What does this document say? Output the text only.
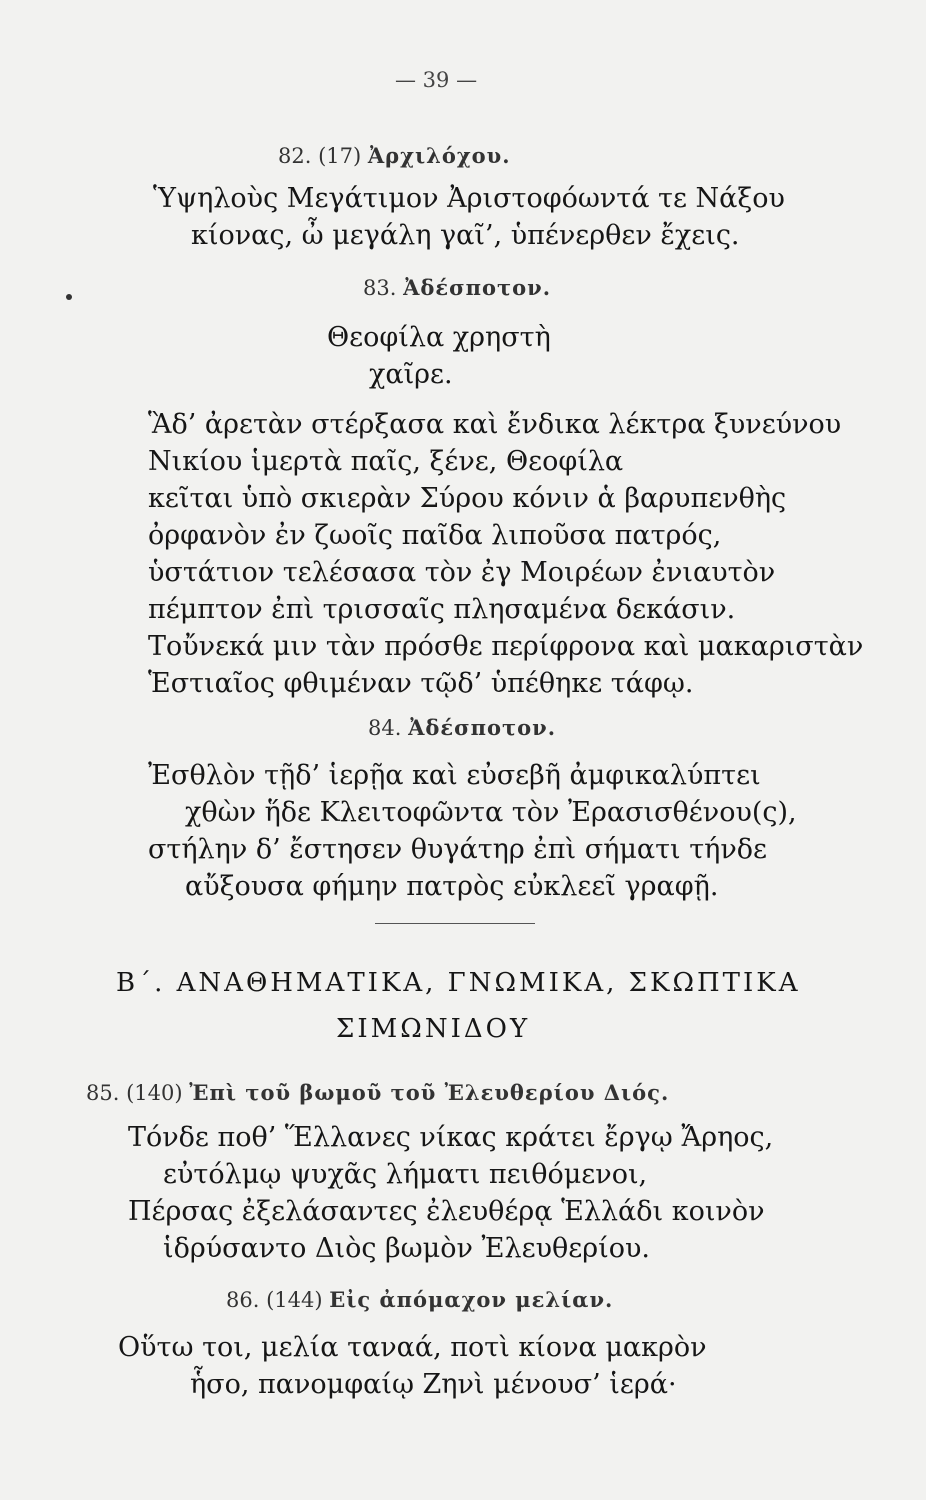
— 39 —
82. (17) Ἀρχιλόχου.
Ὑψηλοὺς Μεγάτιμον Ἀριστοφόωντά τε Νάξου
κίονας, ὦ μεγάλη γαῖ’, ὑπένερθεν ἔχεις.
83. Ἀδέσποτον.
Θεοφίλα χρηστὴ
χαῖρε.
Ἃδ’ ἀρετὰν στέρξασα καὶ ἔνδικα λέκτρα ξυνεύνου
Νικίου ἱμερτὰ παῖς, ξένε, Θεοφίλα
κεῖται ὑπὸ σκιερὰν Σύρου κόνιν ἁ βαρυπενθὴς
ὀρφανὸν ἐν ζωοῖς παῖδα λιποῦσα πατρός,
ὑστάτιον τελέσασα τὸν ἐγ Μοιρέων ἐνιαυτὸν
πέμπτον ἐπὶ τρισσαῖς πλησαμένα δεκάσιν.
Τοὔνεκά μιν τὰν πρόσθε περίφρονα καὶ μακαριστὰν
Ἑστιαῖος φθιμέναν τῷδ’ ὑπέθηκε τάφῳ.
84. Ἀδέσποτον.
Ἐσθλὸν τῇδ’ ἱερῇα καὶ εὐσεβῆ ἀμφικαλύπτει
χθὼν ἥδε Κλειτοφῶντα τὸν Ἐρασισθένου(ς),
στήλην δ’ ἔστησεν θυγάτηρ ἐπὶ σήματι τήνδε
αὔξουσα φήμην πατρὸς εὐκλεεῖ γραφῇ.
Β΄. ΑΝΑΘΗΜΑΤΙΚΑ, ΓΝΩΜΙΚΑ, ΣΚΩΠΤΙΚΑ
ΣΙΜΩΝΙΔΟΥ
85. (140) Ἐπὶ τοῦ βωμοῦ τοῦ Ἐλευθερίου Διός.
Τόνδε ποθ’ Ἕλλανες νίκας κράτει ἔργῳ Ἄρηος,
εὐτόλμῳ ψυχᾶς λήματι πειθόμενοι,
Πέρσας ἐξελάσαντες ἐλευθέρᾳ Ἑλλάδι κοινὸν
ἱδρύσαντο Διὸς βωμὸν Ἐλευθερίου.
86. (144) Εἰς ἀπόμαχον μελίαν.
Οὕτω τοι, μελία ταναά, ποτὶ κίονα μακρὸν
ἧσο, πανομφαίῳ Ζηνὶ μένουσ’ ἱερά·
